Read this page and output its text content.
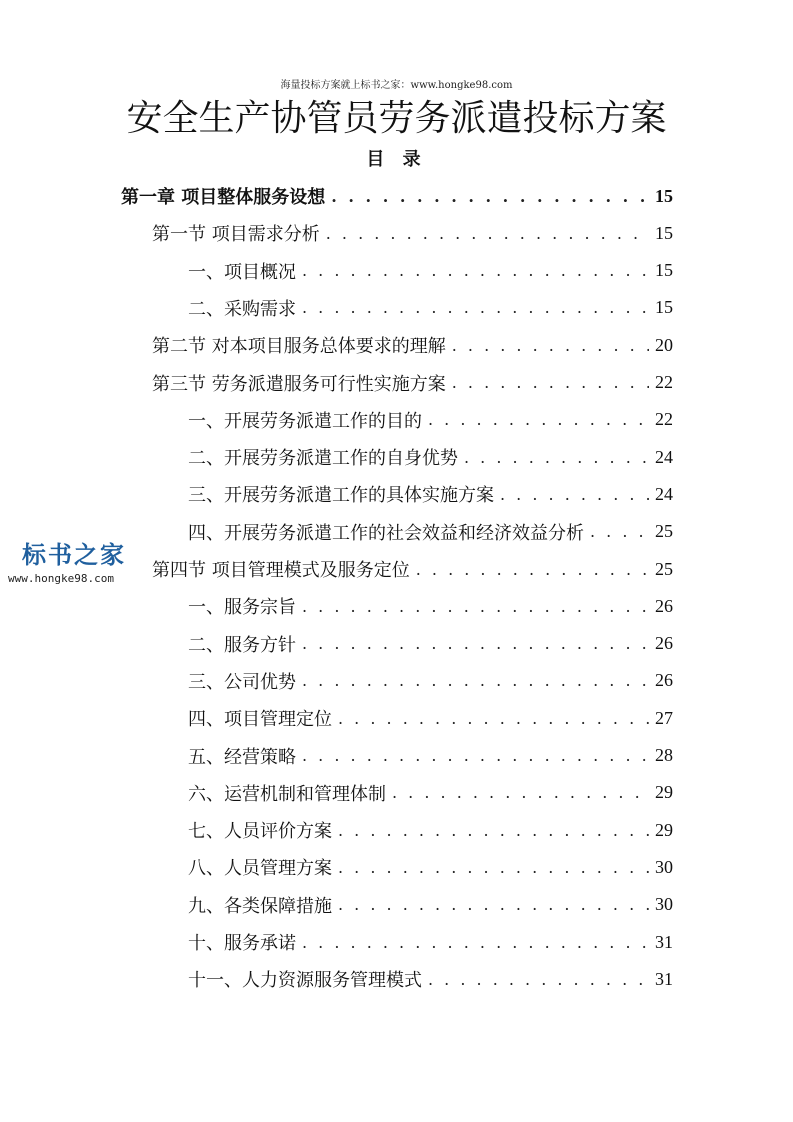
海量投标方案就上标书之家：www.hongke98.com
安全生产协管员劳务派遣投标方案
目 录
第一章 项目整体服务设想 . . .	15
第一节 项目需求分析 . . .	15
一、项目概况 . . .	15
二、采购需求 . . .	15
第二节 对本项目服务总体要求的理解 . . .	20
第三节 劳务派遣服务可行性实施方案 . . .	22
一、开展劳务派遣工作的目的 . . .	22
二、开展劳务派遣工作的自身优势 . . .	24
三、开展劳务派遣工作的具体实施方案 . . .	24
四、开展劳务派遣工作的社会效益和经济效益分析 . . .	25
第四节 项目管理模式及服务定位 . . .	25
一、服务宗旨 . . .	26
二、服务方针 . . .	26
三、公司优势 . . .	26
四、项目管理定位 . . .	27
五、经营策略 . . .	28
六、运营机制和管理体制 . . .	29
七、人员评价方案 . . .	29
八、人员管理方案 . . .	30
九、各类保障措施 . . .	30
十、服务承诺 . . .	31
十一、人力资源服务管理模式 . . .	31
标书之家
www.hongke98.com
